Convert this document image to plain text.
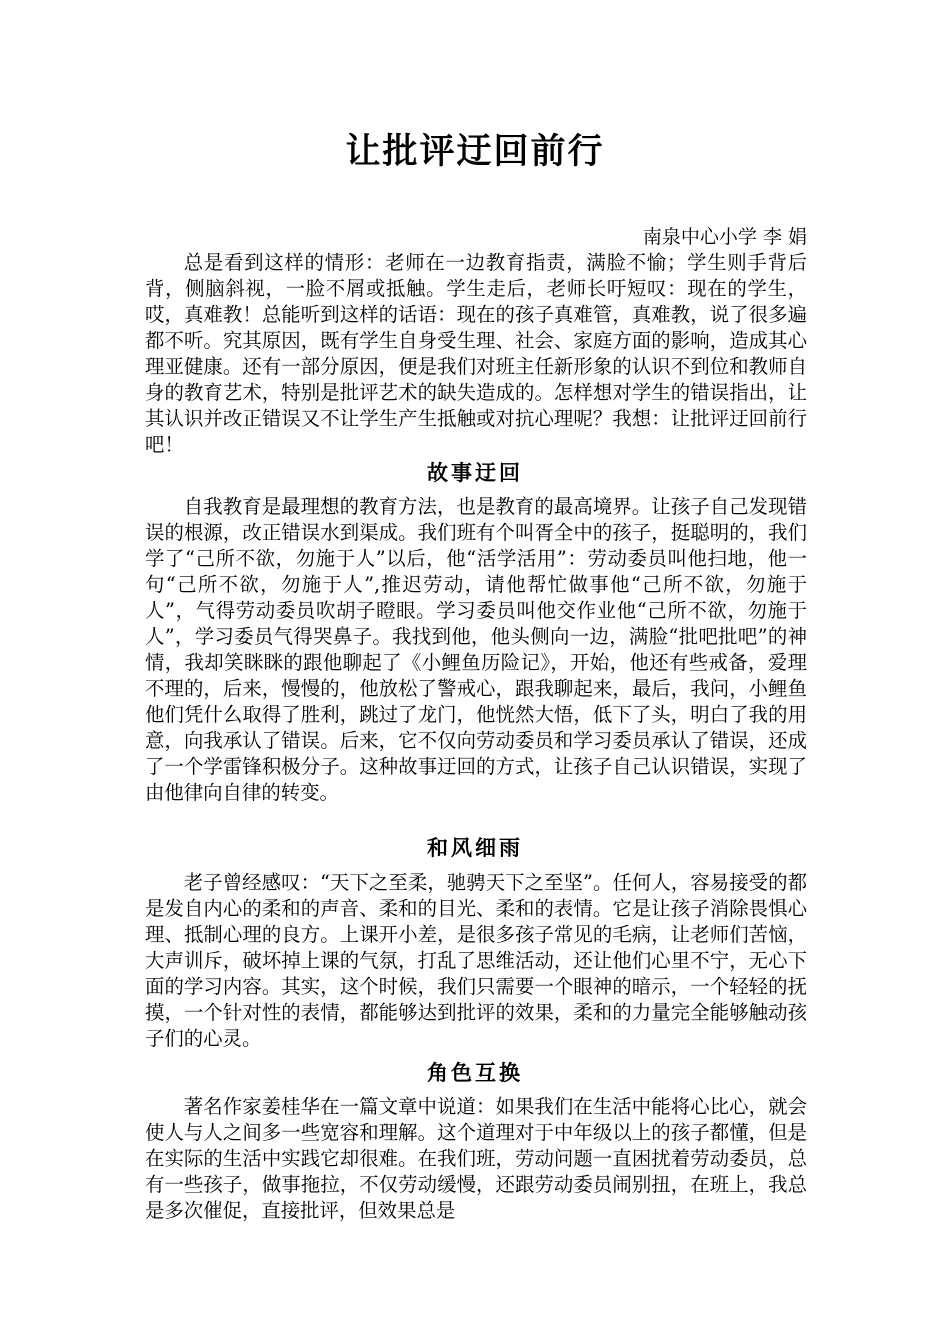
让批评迂回前行
南泉中心小学 李 娟

总是看到这样的情形：老师在一边教育指责，满脸不愉；学生则手背后背，侧脑斜视，一脸不屑或抵触。学生走后，老师长吁短叹：现在的学生，哎，真难教！总能听到这样的话语：现在的孩子真难管，真难教，说了很多遍都不听。究其原因，既有学生自身受生理、社会、家庭方面的影响，造成其心理亚健康。还有一部分原因，便是我们对班主任新形象的认识不到位和教师自身的教育艺术，特别是批评艺术的缺失造成的。怎样想对学生的错误指出，让其认识并改正错误又不让学生产生抵触或对抗心理呢？我想：让批评迂回前行吧！

故事迂回

自我教育是最理想的教育方法，也是教育的最高境界。让孩子自己发现错误的根源，改正错误水到渠成。我们班有个叫胥全中的孩子，挺聪明的，我们学了“己所不欲，勿施于人”以后，他“活学活用”：劳动委员叫他扫地，他一句“己所不欲，勿施于人”,推迟劳动，请他帮忙做事他“己所不欲，勿施于人”，气得劳动委员吹胡子瞪眼。学习委员叫他交作业他“己所不欲，勿施于人”，学习委员气得哭鼻子。我找到他，他头侧向一边，满脸“批吧批吧”的神情，我却笑眯眯的跟他聊起了《小鲤鱼历险记》，开始，他还有些戒备，爱理不理的，后来，慢慢的，他放松了警戒心，跟我聊起来，最后，我问，小鲤鱼他们凭什么取得了胜利，跳过了龙门，他恍然大悟，低下了头，明白了我的用意，向我承认了错误。后来，它不仅向劳动委员和学习委员承认了错误，还成了一个学雷锋积极分子。这种故事迂回的方式，让孩子自己认识错误，实现了由他律向自律的转变。

和风细雨

老子曾经感叹：“天下之至柔，驰骋天下之至坚”。任何人，容易接受的都是发自内心的柔和的声音、柔和的目光、柔和的表情。它是让孩子消除畏惧心理、抵制心理的良方。上课开小差，是很多孩子常见的毛病，让老师们苦恼，大声训斥，破坏掉上课的气氛，打乱了思维活动，还让他们心里不宁，无心下面的学习内容。其实，这个时候，我们只需要一个眼神的暗示，一个轻轻的抚摸，一个针对性的表情，都能够达到批评的效果，柔和的力量完全能够触动孩子们的心灵。

角色互换

著名作家姜桂华在一篇文章中说道：如果我们在生活中能将心比心，就会使人与人之间多一些宽容和理解。这个道理对于中年级以上的孩子都懂，但是在实际的生活中实践它却很难。在我们班，劳动问题一直困扰着劳动委员，总有一些孩子，做事拖拉，不仅劳动缓慢，还跟劳动委员闹别扭，在班上，我总是多次催促，直接批评，但效果总是
